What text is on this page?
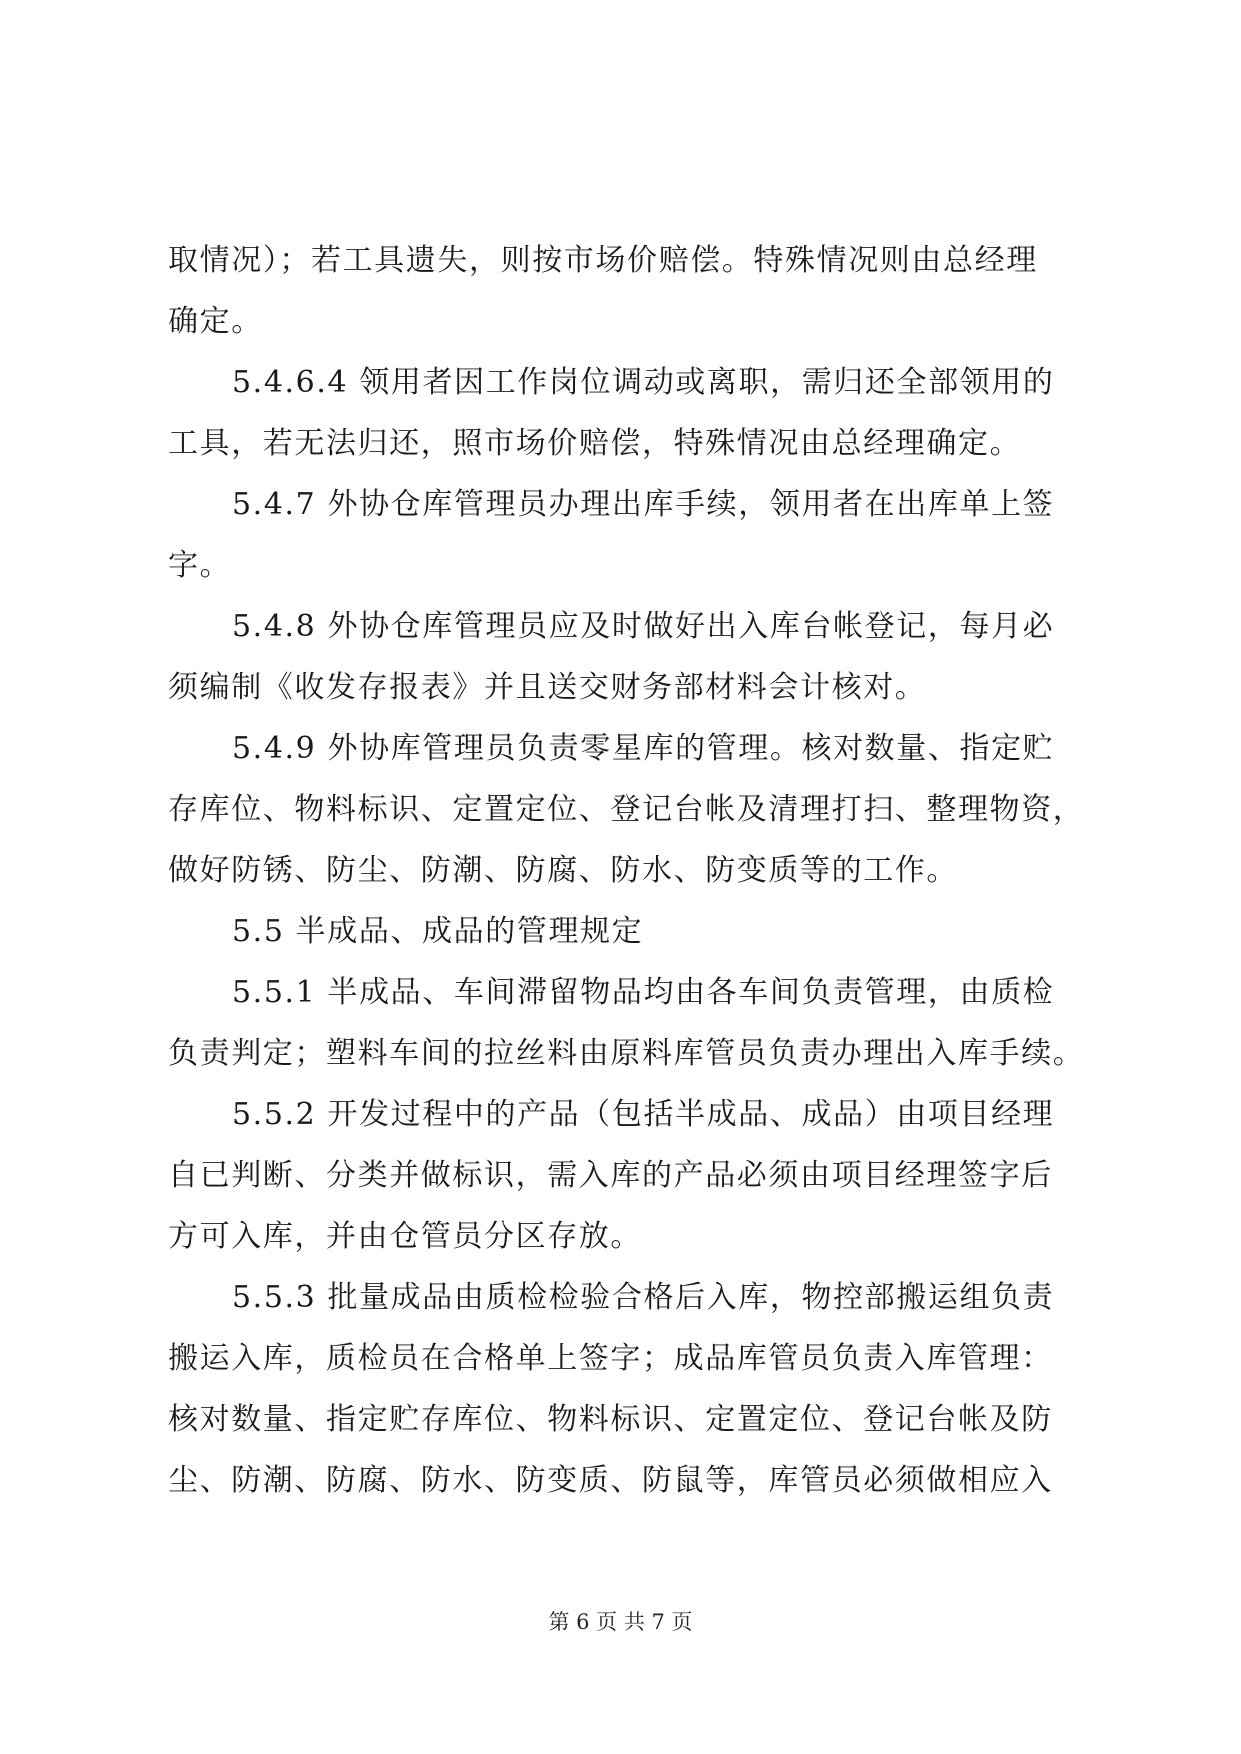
取情况）；若工具遗失，则按市场价赔偿。特殊情况则由总经理
确定。
5.4.6.4 领用者因工作岗位调动或离职，需归还全部领用的
工具，若无法归还，照市场价赔偿，特殊情况由总经理确定。
5.4.7 外协仓库管理员办理出库手续，领用者在出库单上签
字。
5.4.8 外协仓库管理员应及时做好出入库台帐登记，每月必
须编制《收发存报表》并且送交财务部材料会计核对。
5.4.9 外协库管理员负责零星库的管理。核对数量、指定贮
存库位、物料标识、定置定位、登记台帐及清理打扫、整理物资，
做好防锈、防尘、防潮、防腐、防水、防变质等的工作。
5.5 半成品、成品的管理规定
5.5.1 半成品、车间滞留物品均由各车间负责管理，由质检
负责判定；塑料车间的拉丝料由原料库管员负责办理出入库手续。
5.5.2 开发过程中的产品（包括半成品、成品）由项目经理
自已判断、分类并做标识，需入库的产品必须由项目经理签字后
方可入库，并由仓管员分区存放。
5.5.3 批量成品由质检检验合格后入库，物控部搬运组负责
搬运入库，质检员在合格单上签字；成品库管员负责入库管理：
核对数量、指定贮存库位、物料标识、定置定位、登记台帐及防
尘、防潮、防腐、防水、防变质、防鼠等，库管员必须做相应入
第 6 页 共 7 页
